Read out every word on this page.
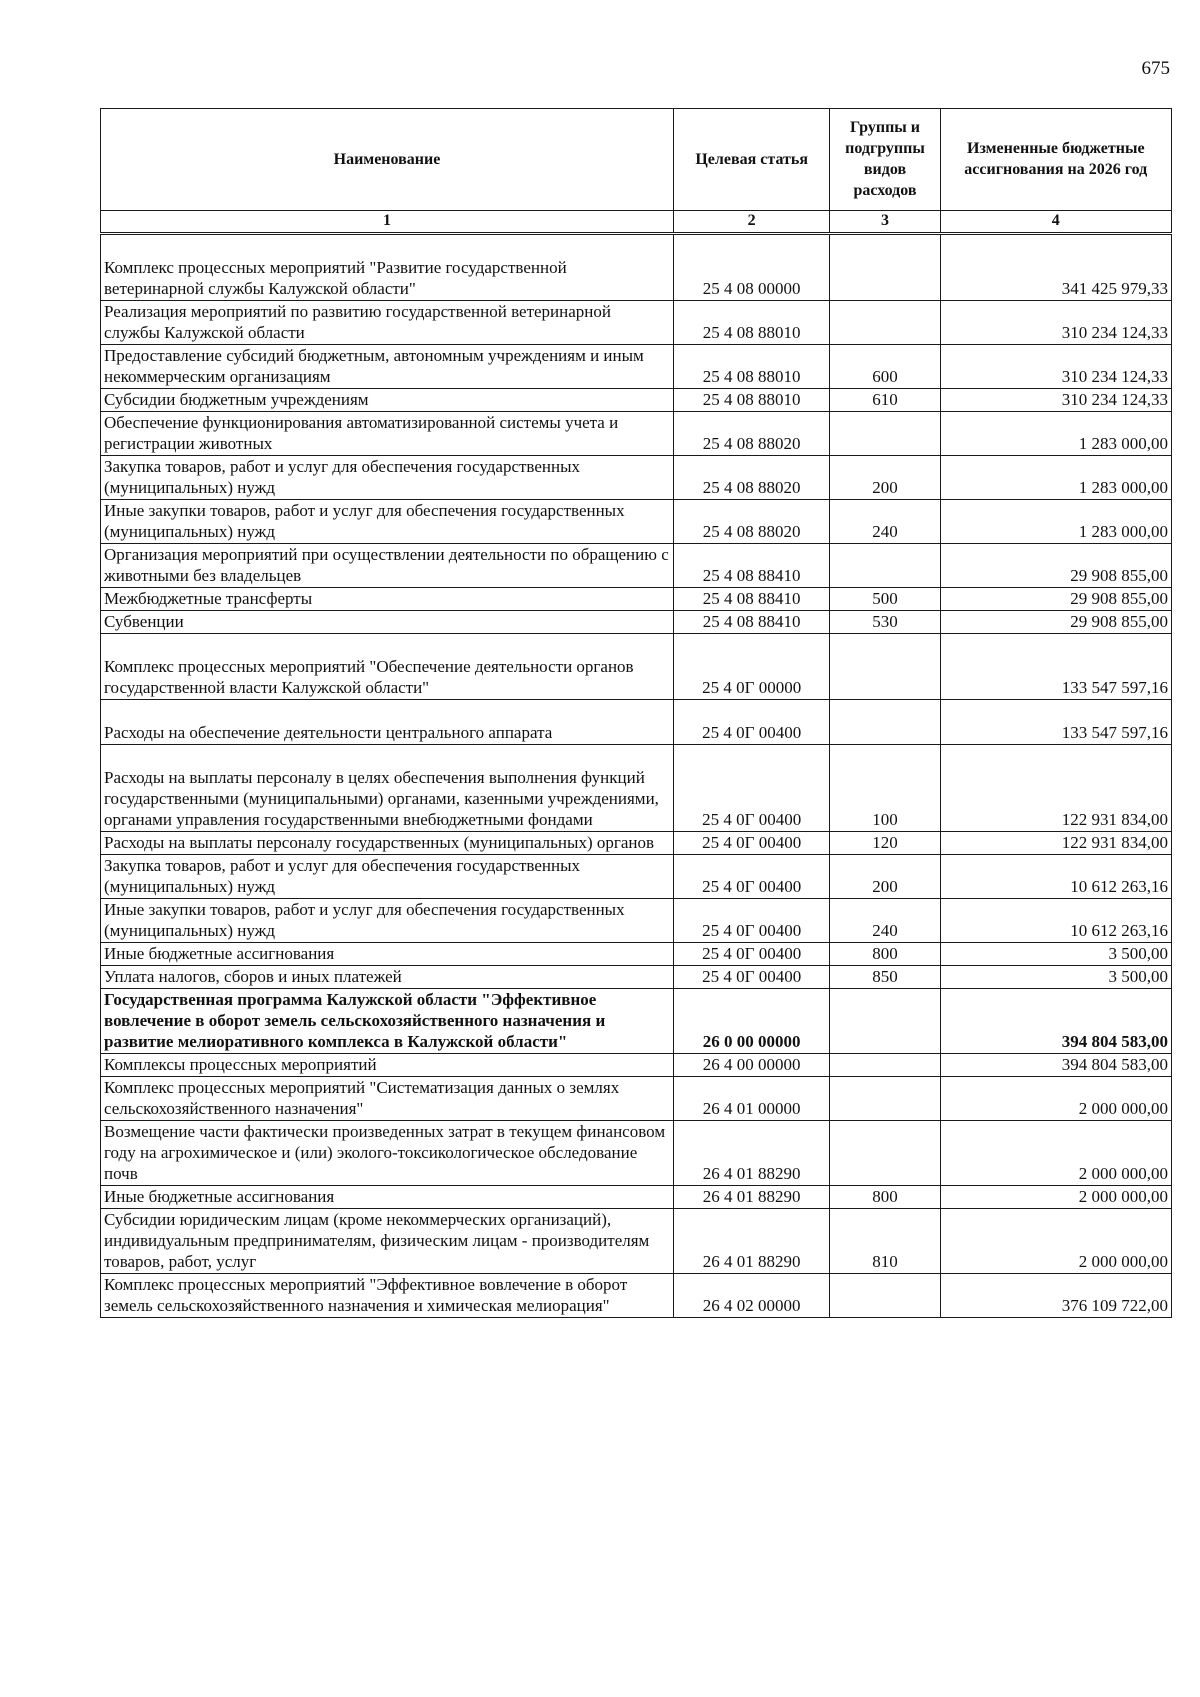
675
Наименование	Целевая статья	Группы и подгруппы видов расходов	Измененные бюджетные ассигнования на 2026 год
1	2	3	4
Комплекс процессных мероприятий "Развитие государственной ветеринарной службы Калужской области"	25 4 08 00000		341 425 979,33
Реализация мероприятий по развитию государственной ветеринарной службы Калужской области	25 4 08 88010		310 234 124,33
Предоставление субсидий бюджетным, автономным учреждениям и иным некоммерческим организациям	25 4 08 88010	600	310 234 124,33
Субсидии бюджетным учреждениям	25 4 08 88010	610	310 234 124,33
Обеспечение функционирования автоматизированной системы учета и регистрации животных	25 4 08 88020		1 283 000,00
Закупка товаров, работ и услуг для обеспечения государственных (муниципальных) нужд	25 4 08 88020	200	1 283 000,00
Иные закупки товаров, работ и услуг для обеспечения государственных (муниципальных) нужд	25 4 08 88020	240	1 283 000,00
Организация мероприятий при осуществлении деятельности по обращению с животными без владельцев	25 4 08 88410		29 908 855,00
Межбюджетные трансферты	25 4 08 88410	500	29 908 855,00
Субвенции	25 4 08 88410	530	29 908 855,00
Комплекс процессных мероприятий "Обеспечение деятельности органов государственной власти Калужской области"	25 4 0Г 00000		133 547 597,16
Расходы на обеспечение деятельности центрального аппарата	25 4 0Г 00400		133 547 597,16
Расходы на выплаты персоналу в целях обеспечения выполнения функций государственными (муниципальными) органами, казенными учреждениями, органами управления государственными внебюджетными фондами	25 4 0Г 00400	100	122 931 834,00
Расходы на выплаты персоналу государственных (муниципальных) органов	25 4 0Г 00400	120	122 931 834,00
Закупка товаров, работ и услуг для обеспечения государственных (муниципальных) нужд	25 4 0Г 00400	200	10 612 263,16
Иные закупки товаров, работ и услуг для обеспечения государственных (муниципальных) нужд	25 4 0Г 00400	240	10 612 263,16
Иные бюджетные ассигнования	25 4 0Г 00400	800	3 500,00
Уплата налогов, сборов и иных платежей	25 4 0Г 00400	850	3 500,00
Государственная программа Калужской области "Эффективное вовлечение в оборот земель сельскохозяйственного назначения и развитие мелиоративного комплекса в Калужской области"	26 0 00 00000		394 804 583,00
Комплексы процессных мероприятий	26 4 00 00000		394 804 583,00
Комплекс процессных мероприятий "Систематизация данных о землях сельскохозяйственного назначения"	26 4 01 00000		2 000 000,00
Возмещение части фактически произведенных затрат в текущем финансовом году на агрохимическое и (или) эколого-токсикологическое обследование почв	26 4 01 88290		2 000 000,00
Иные бюджетные ассигнования	26 4 01 88290	800	2 000 000,00
Субсидии юридическим лицам (кроме некоммерческих организаций), индивидуальным предпринимателям, физическим лицам - производителям товаров, работ, услуг	26 4 01 88290	810	2 000 000,00
Комплекс процессных мероприятий "Эффективное вовлечение в оборот земель сельскохозяйственного назначения и химическая мелиорация"	26 4 02 00000		376 109 722,00
